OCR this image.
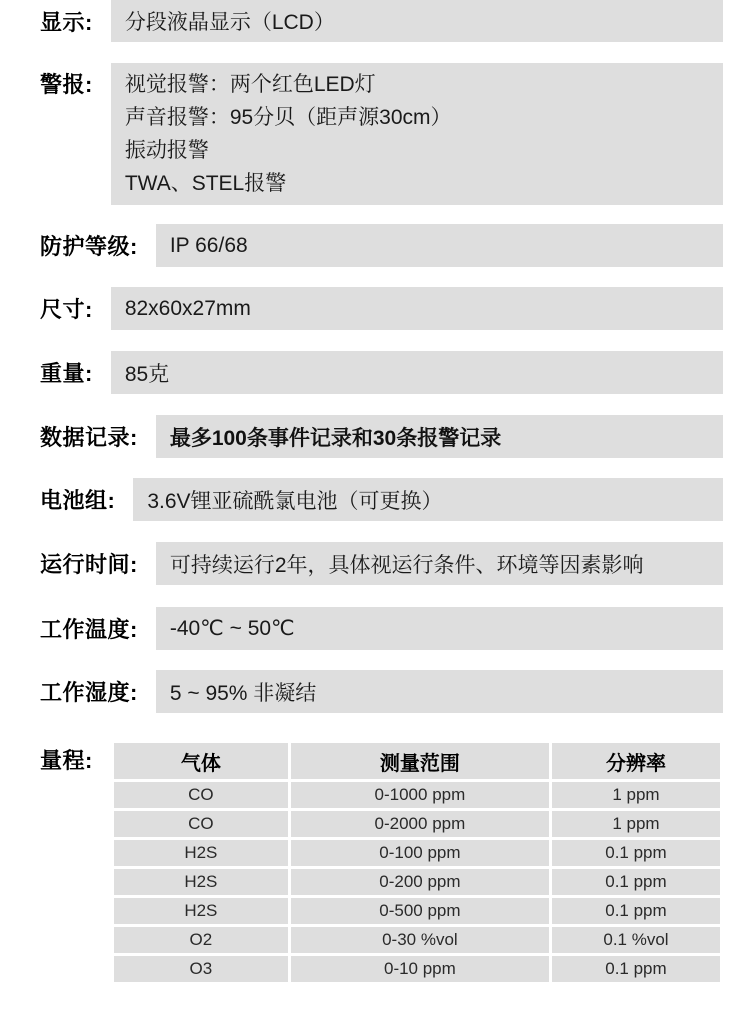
显示:	分段液晶显示（LCD）
警报: 视觉报警：两个红色LED灯
声音报警：95分贝（距声源30cm）
振动报警
TWA、STEL报警
防护等级:	IP 66/68
尺寸:	82x60x27mm
重量:	85克
数据记录:	最多100条事件记录和30条报警记录
电池组:	3.6V锂亚硫酰氯电池（可更换）
运行时间:	可持续运行2年，具体视运行条件、环境等因素影响
工作温度:	-40℃ ~ 50℃
工作湿度:	5 ~ 95% 非凝结
量程:	气体	测量范围	分辨率
CO	0-1000 ppm	1 ppm
CO	0-2000 ppm	1 ppm
H2S	0-100 ppm	0.1 ppm
H2S	0-200 ppm	0.1 ppm
H2S	0-500 ppm	0.1 ppm
O2	0-30 %vol	0.1 %vol
O3	0-10 ppm	0.1 ppm
